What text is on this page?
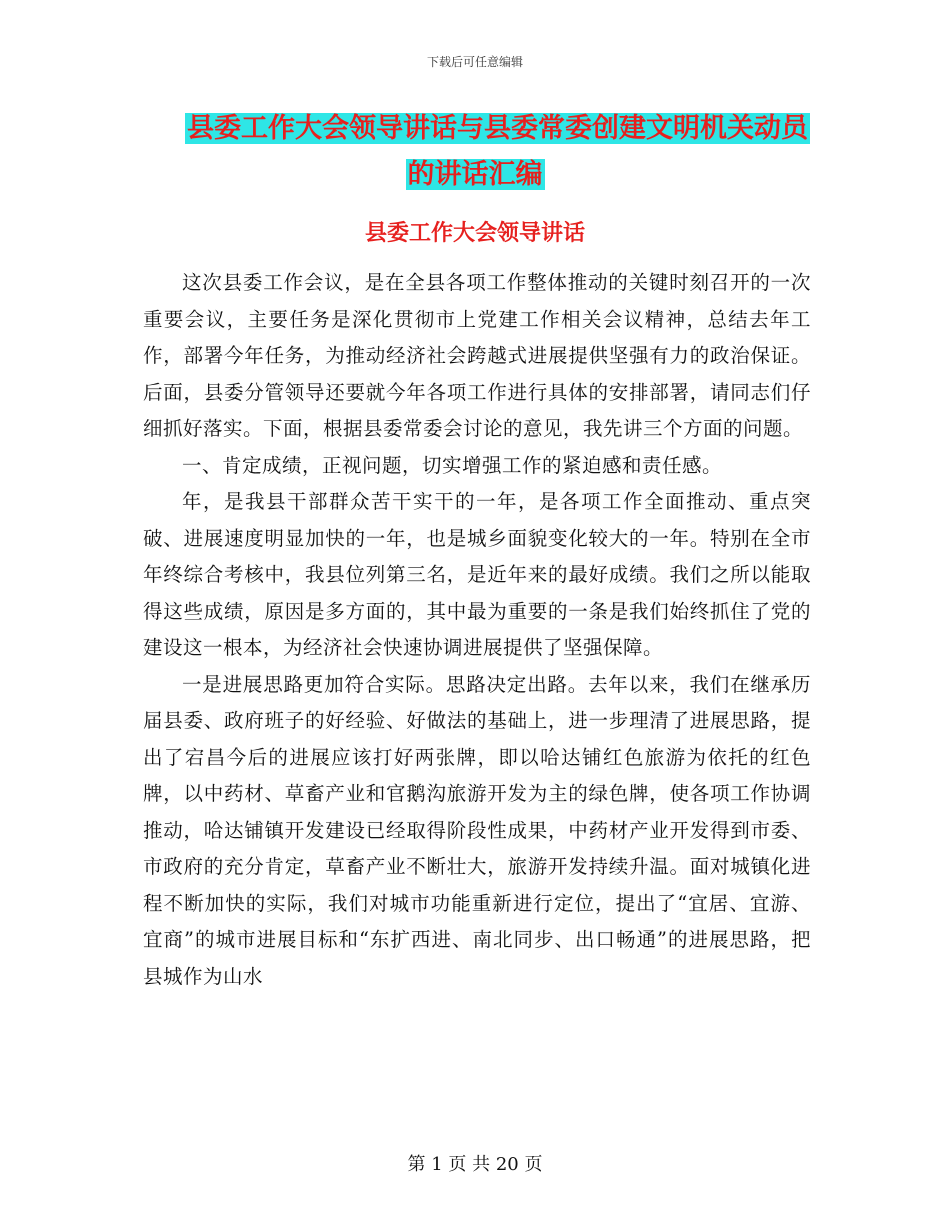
下载后可任意编辑
县委工作大会领导讲话与县委常委创建文明机关动员
的讲话汇编
县委工作大会领导讲话

这次县委工作会议，是在全县各项工作整体推动的关键时刻召开的一次重要会议，主要任务是深化贯彻市上党建工作相关会议精神，总结去年工作，部署今年任务，为推动经济社会跨越式进展提供坚强有力的政治保证。后面，县委分管领导还要就今年各项工作进行具体的安排部署，请同志们仔细抓好落实。下面，根据县委常委会讨论的意见，我先讲三个方面的问题。

一、肯定成绩，正视问题，切实增强工作的紧迫感和责任感。

年，是我县干部群众苦干实干的一年，是各项工作全面推动、重点突破、进展速度明显加快的一年，也是城乡面貌变化较大的一年。特别在全市年终综合考核中，我县位列第三名，是近年来的最好成绩。我们之所以能取得这些成绩，原因是多方面的，其中最为重要的一条是我们始终抓住了党的建设这一根本，为经济社会快速协调进展提供了坚强保障。

一是进展思路更加符合实际。思路决定出路。去年以来，我们在继承历届县委、政府班子的好经验、好做法的基础上，进一步理清了进展思路，提出了宕昌今后的进展应该打好两张牌，即以哈达铺红色旅游为依托的红色牌，以中药材、草畜产业和官鹅沟旅游开发为主的绿色牌，使各项工作协调推动，哈达铺镇开发建设已经取得阶段性成果，中药材产业开发得到市委、市政府的充分肯定，草畜产业不断壮大，旅游开发持续升温。面对城镇化进程不断加快的实际，我们对城市功能重新进行定位，提出了“宜居、宜游、宜商”的城市进展目标和“东扩西进、南北同步、出口畅通”的进展思路，把县城作为山水

第 1 页 共 20 页
